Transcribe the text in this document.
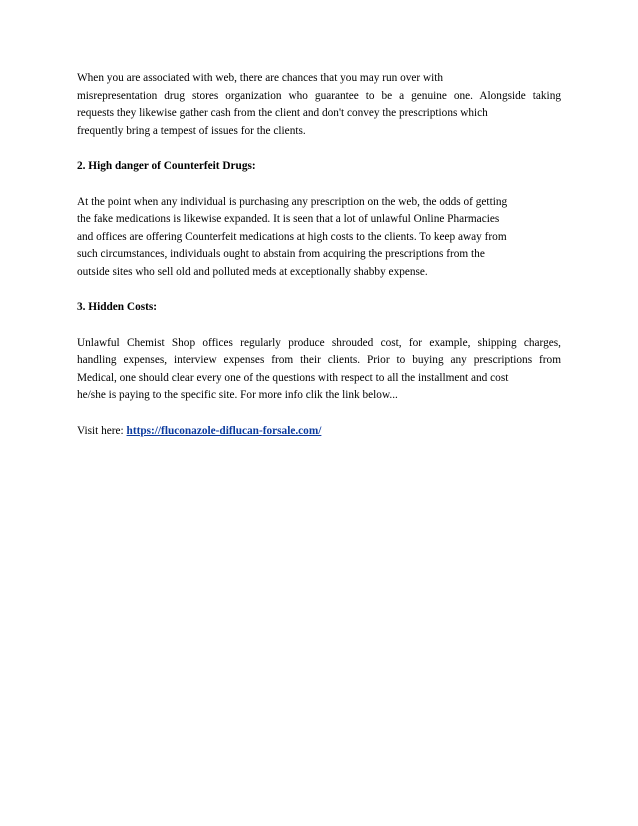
When you are associated with web, there are chances that you may run over with
misrepresentation drug stores organization who guarantee to be a genuine one. Alongside taking
requests they likewise gather cash from the client and don't convey the prescriptions which
frequently bring a tempest of issues for the clients.

2. High danger of Counterfeit Drugs:

At the point when any individual is purchasing any prescription on the web, the odds of getting
the fake medications is likewise expanded. It is seen that a lot of unlawful Online Pharmacies
and offices are offering Counterfeit medications at high costs to the clients. To keep away from
such circumstances, individuals ought to abstain from acquiring the prescriptions from the
outside sites who sell old and polluted meds at exceptionally shabby expense.

3. Hidden Costs:

Unlawful Chemist Shop offices regularly produce shrouded cost, for example, shipping charges,
handling expenses, interview expenses from their clients. Prior to buying any prescriptions from
Medical, one should clear every one of the questions with respect to all the installment and cost
he/she is paying to the specific site. For more info clik the link below...

Visit here: https://fluconazole-diflucan-forsale.com/
